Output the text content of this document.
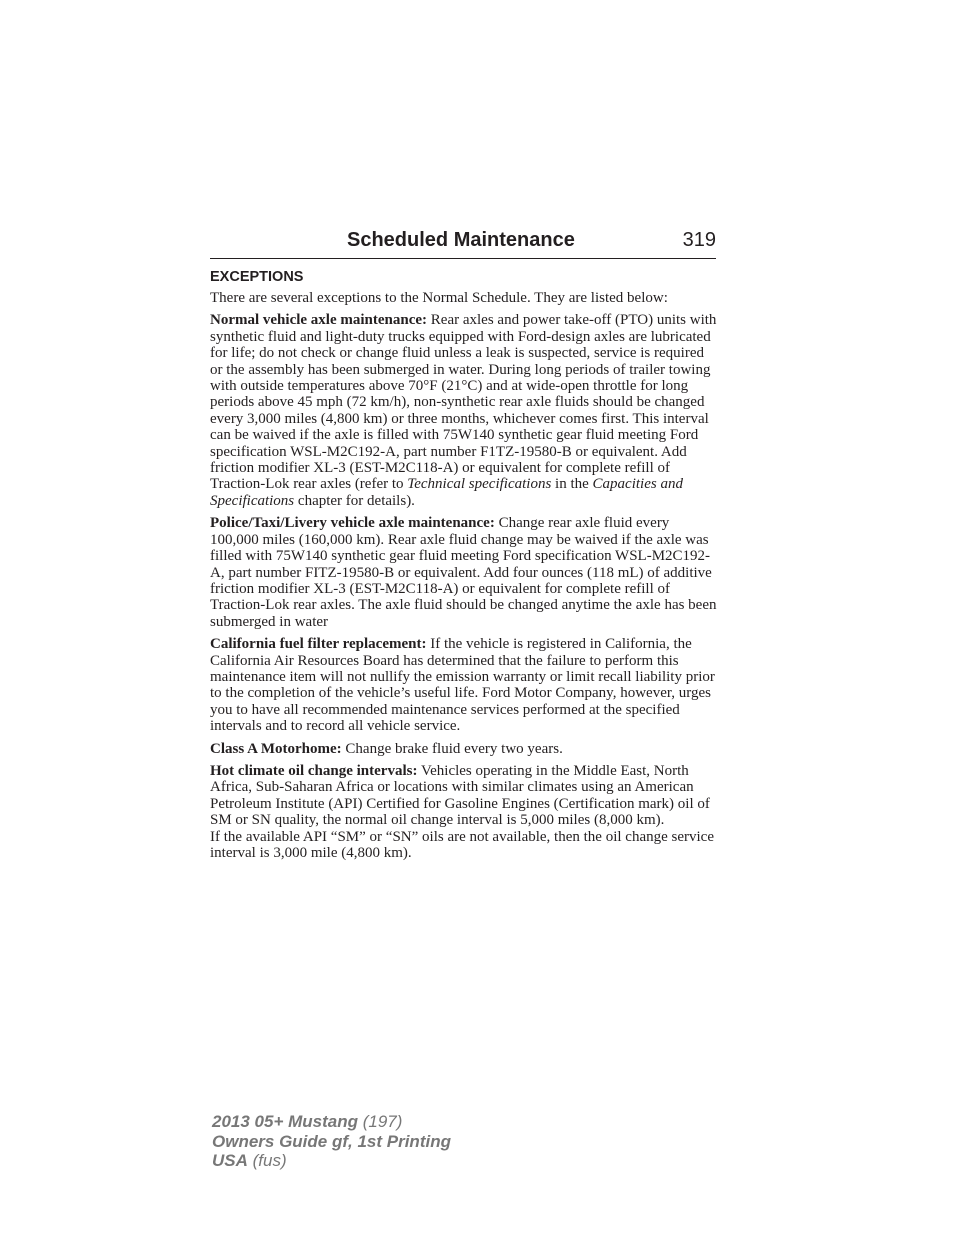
Scheduled Maintenance	319
EXCEPTIONS

There are several exceptions to the Normal Schedule. They are listed below:

Normal vehicle axle maintenance: Rear axles and power take-off (PTO) units with synthetic fluid and light-duty trucks equipped with Ford-design axles are lubricated for life; do not check or change fluid unless a leak is suspected, service is required or the assembly has been submerged in water. During long periods of trailer towing with outside temperatures above 70°F (21°C) and at wide-open throttle for long periods above 45 mph (72 km/h), non-synthetic rear axle fluids should be changed every 3,000 miles (4,800 km) or three months, whichever comes first. This interval can be waived if the axle is filled with 75W140 synthetic gear fluid meeting Ford specification WSL-M2C192-A, part number F1TZ-19580-B or equivalent. Add friction modifier XL-3 (EST-M2C118-A) or equivalent for complete refill of Traction-Lok rear axles (refer to Technical specifications in the Capacities and Specifications chapter for details).

Police/Taxi/Livery vehicle axle maintenance: Change rear axle fluid every 100,000 miles (160,000 km). Rear axle fluid change may be waived if the axle was filled with 75W140 synthetic gear fluid meeting Ford specification WSL-M2C192-A, part number FITZ-19580-B or equivalent. Add four ounces (118 mL) of additive friction modifier XL-3 (EST-M2C118-A) or equivalent for complete refill of Traction-Lok rear axles. The axle fluid should be changed anytime the axle has been submerged in water

California fuel filter replacement: If the vehicle is registered in California, the California Air Resources Board has determined that the failure to perform this maintenance item will not nullify the emission warranty or limit recall liability prior to the completion of the vehicle’s useful life. Ford Motor Company, however, urges you to have all recommended maintenance services performed at the specified intervals and to record all vehicle service.

Class A Motorhome: Change brake fluid every two years.

Hot climate oil change intervals: Vehicles operating in the Middle East, North Africa, Sub-Saharan Africa or locations with similar climates using an American Petroleum Institute (API) Certified for Gasoline Engines (Certification mark) oil of SM or SN quality, the normal oil change interval is 5,000 miles (8,000 km).

If the available API “SM” or “SN” oils are not available, then the oil change service interval is 3,000 mile (4,800 km).

2013 05+ Mustang (197)
Owners Guide gf, 1st Printing
USA (fus)
